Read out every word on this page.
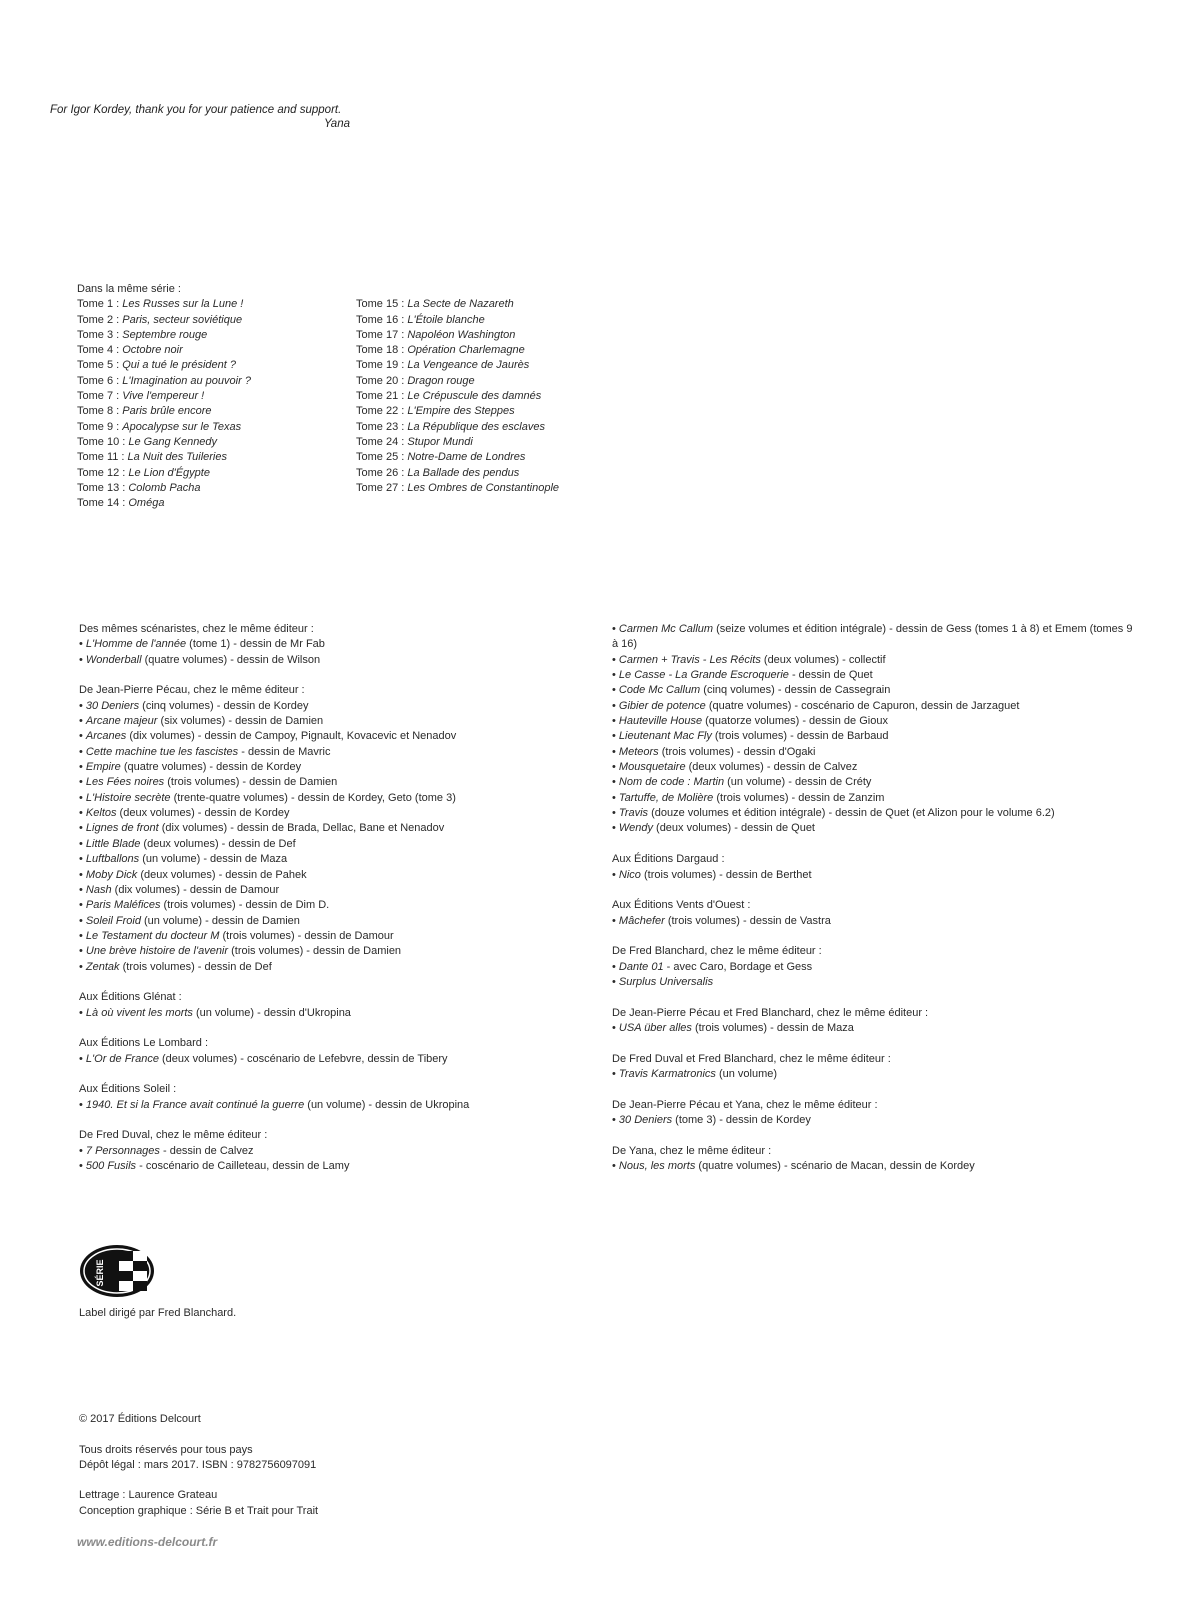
For Igor Kordey, thank you for your patience and support.
Yana
Dans la même série :
Tome 1 : Les Russes sur la Lune !
Tome 2 : Paris, secteur soviétique
Tome 3 : Septembre rouge
Tome 4 : Octobre noir
Tome 5 : Qui a tué le président ?
Tome 6 : L'Imagination au pouvoir ?
Tome 7 : Vive l'empereur !
Tome 8 : Paris brûle encore
Tome 9 : Apocalypse sur le Texas
Tome 10 : Le Gang Kennedy
Tome 11 : La Nuit des Tuileries
Tome 12 : Le Lion d'Égypte
Tome 13 : Colomb Pacha
Tome 14 : Oméga
Tome 15 : La Secte de Nazareth
Tome 16 : L'Étoile blanche
Tome 17 : Napoléon Washington
Tome 18 : Opération Charlemagne
Tome 19 : La Vengeance de Jaurès
Tome 20 : Dragon rouge
Tome 21 : Le Crépuscule des damnés
Tome 22 : L'Empire des Steppes
Tome 23 : La République des esclaves
Tome 24 : Stupor Mundi
Tome 25 : Notre-Dame de Londres
Tome 26 : La Ballade des pendus
Tome 27 : Les Ombres de Constantinople
Des mêmes scénaristes, chez le même éditeur :
• L'Homme de l'année (tome 1) - dessin de Mr Fab
• Wonderball (quatre volumes) - dessin de Wilson
De Jean-Pierre Pécau, chez le même éditeur :
• 30 Deniers (cinq volumes) - dessin de Kordey
• Arcane majeur (six volumes) - dessin de Damien
• Arcanes (dix volumes) - dessin de Campoy, Pignault, Kovacevic et Nenadov
• Cette machine tue les fascistes - dessin de Mavric
• Empire (quatre volumes) - dessin de Kordey
• Les Fées noires (trois volumes) - dessin de Damien
• L'Histoire secrète (trente-quatre volumes) - dessin de Kordey, Geto (tome 3)
• Keltos (deux volumes) - dessin de Kordey
• Lignes de front (dix volumes) - dessin de Brada, Dellac, Bane et Nenadov
• Little Blade (deux volumes) - dessin de Def
• Luftballons (un volume) - dessin de Maza
• Moby Dick (deux volumes) - dessin de Pahek
• Nash (dix volumes) - dessin de Damour
• Paris Maléfices (trois volumes) - dessin de Dim D.
• Soleil Froid (un volume) - dessin de Damien
• Le Testament du docteur M (trois volumes) - dessin de Damour
• Une brève histoire de l'avenir (trois volumes) - dessin de Damien
• Zentak (trois volumes) - dessin de Def
Aux Éditions Glénat :
• Là où vivent les morts (un volume) - dessin d'Ukropina
Aux Éditions Le Lombard :
• L'Or de France (deux volumes) - coscénario de Lefebvre, dessin de Tibery
Aux Éditions Soleil :
• 1940. Et si la France avait continué la guerre (un volume) - dessin de Ukropina
De Fred Duval, chez le même éditeur :
• 7 Personnages - dessin de Calvez
• 500 Fusils - coscénario de Cailleteau, dessin de Lamy
• Carmen Mc Callum (seize volumes et édition intégrale) - dessin de Gess (tomes 1 à 8) et Emem (tomes 9 à 16)
• Carmen + Travis - Les Récits (deux volumes) - collectif
• Le Casse - La Grande Escroquerie - dessin de Quet
• Code Mc Callum (cinq volumes) - dessin de Cassegrain
• Gibier de potence (quatre volumes) - coscénario de Capuron, dessin de Jarzaguet
• Hauteville House (quatorze volumes) - dessin de Gioux
• Lieutenant Mac Fly (trois volumes) - dessin de Barbaud
• Meteors (trois volumes) - dessin d'Ogaki
• Mousquetaire (deux volumes) - dessin de Calvez
• Nom de code : Martin (un volume) - dessin de Créty
• Tartuffe, de Molière (trois volumes) - dessin de Zanzim
• Travis (douze volumes et édition intégrale) - dessin de Quet (et Alizon pour le volume 6.2)
• Wendy (deux volumes) - dessin de Quet
Aux Éditions Dargaud :
• Nico (trois volumes) - dessin de Berthet
Aux Éditions Vents d'Ouest :
• Mâchefer (trois volumes) - dessin de Vastra
De Fred Blanchard, chez le même éditeur :
• Dante 01 - avec Caro, Bordage et Gess
• Surplus Universalis
De Jean-Pierre Pécau et Fred Blanchard, chez le même éditeur :
• USA über alles (trois volumes) - dessin de Maza
De Fred Duval et Fred Blanchard, chez le même éditeur :
• Travis Karmatronics (un volume)
De Jean-Pierre Pécau et Yana, chez le même éditeur :
• 30 Deniers (tome 3) - dessin de Kordey
De Yana, chez le même éditeur :
• Nous, les morts (quatre volumes) - scénario de Macan, dessin de Kordey
SÉRIE
Label dirigé par Fred Blanchard.
© 2017 Éditions Delcourt
Tous droits réservés pour tous pays
Dépôt légal : mars 2017. ISBN : 9782756097091
Lettrage : Laurence Grateau
Conception graphique : Série B et Trait pour Trait
www.editions-delcourt.fr
